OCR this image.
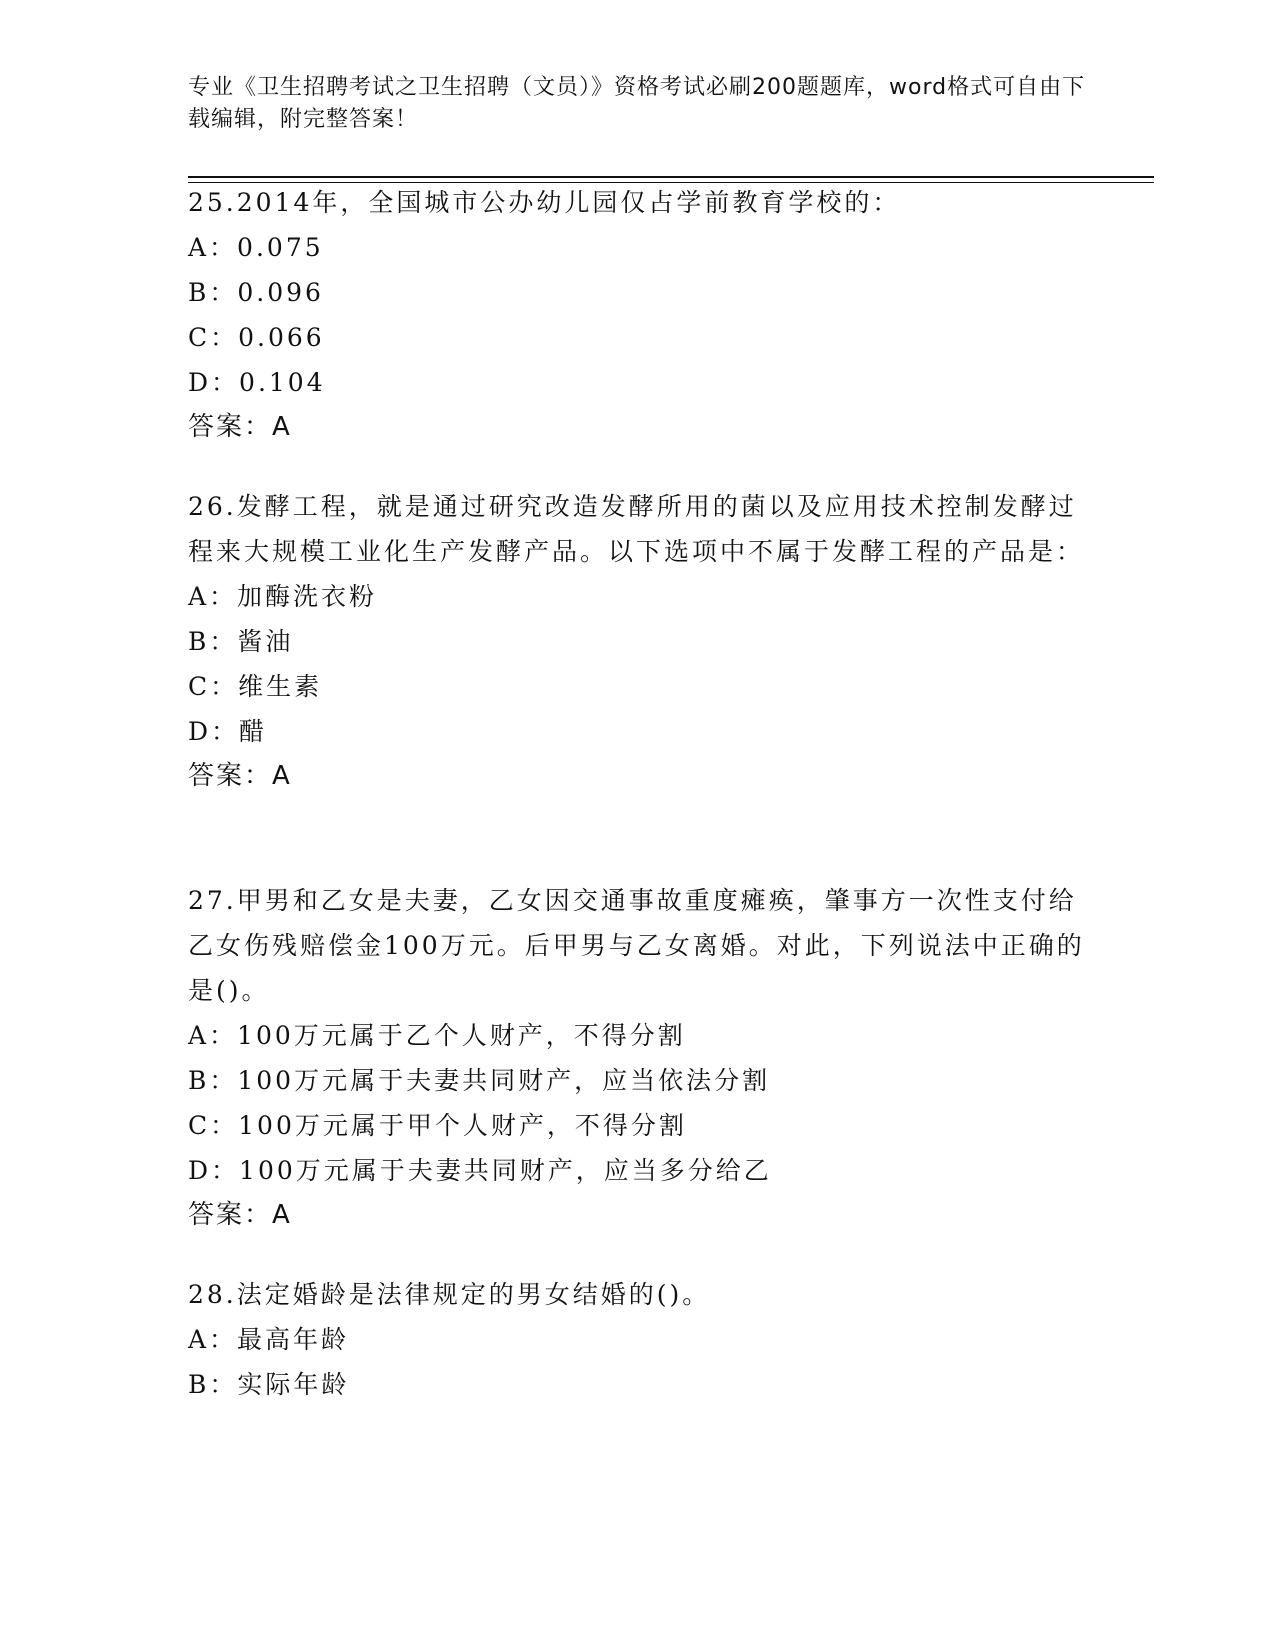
专业《卫生招聘考试之卫生招聘（文员）》资格考试必刷200题题库，word格式可自由下载编辑，附完整答案！
25.2014年，全国城市公办幼儿园仅占学前教育学校的：
A：0.075
B：0.096
C：0.066
D：0.104
答案：A
26.发酵工程，就是通过研究改造发酵所用的菌以及应用技术控制发酵过程来大规模工业化生产发酵产品。以下选项中不属于发酵工程的产品是：
A：加酶洗衣粉
B：酱油
C：维生素
D：醋
答案：A
27.甲男和乙女是夫妻，乙女因交通事故重度瘫痪，肇事方一次性支付给乙女伤残赔偿金100万元。后甲男与乙女离婚。对此，下列说法中正确的是()。
A：100万元属于乙个人财产，不得分割
B：100万元属于夫妻共同财产，应当依法分割
C：100万元属于甲个人财产，不得分割
D：100万元属于夫妻共同财产，应当多分给乙
答案：A
28.法定婚龄是法律规定的男女结婚的()。
A：最高年龄
B：实际年龄
